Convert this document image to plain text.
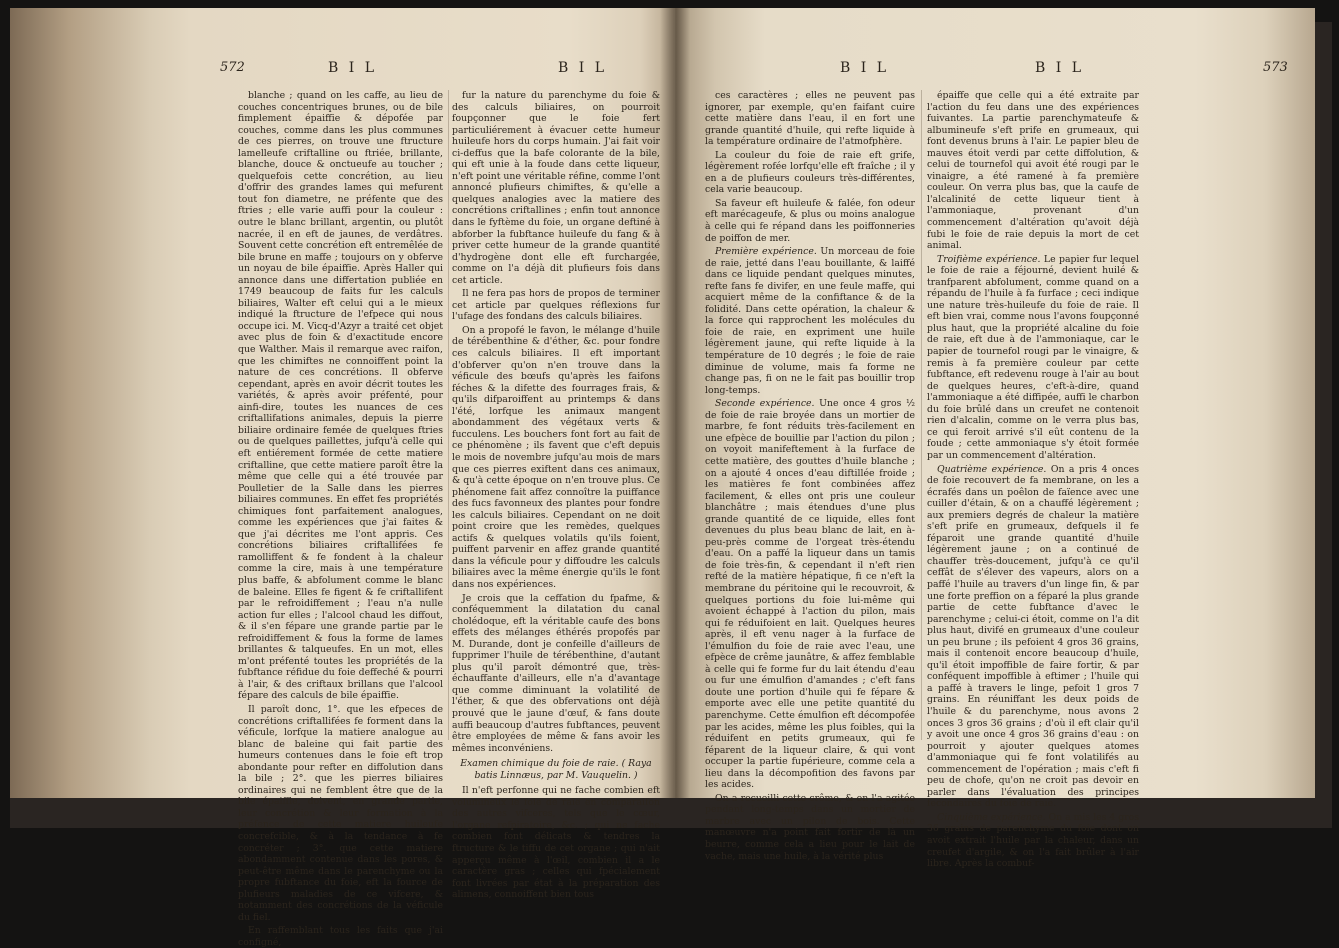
572	B I L	B I L

blanche ; quand on les caffe, au lieu de couches concentriques brunes, ou de bile fimplement épaiffie & dépofée par couches, comme dans les plus communes de ces pierres, on trouve une ftructure lamelleufe criftalline ou ftriée, brillante, blanche, douce & onctueufe au toucher ; quelquefois cette concrétion, au lieu d'offrir des grandes lames qui mefurent tout fon diametre, ne préfente que des ftries ; elle varie auffi pour la couleur : outre le blanc brillant, argentin, ou plutôt nacrée, il en eft de jaunes, de verdâtres. Souvent cette concrétion eft entremêlée de bile brune en maffe ; toujours on y obferve un noyau de bile épaiffie. Après Haller qui annonce dans une differtation publiée en 1749 beaucoup de faits fur les calculs biliaires, Walter eft celui qui a le mieux indiqué la ftructure de l'efpece qui nous occupe ici. M. Vicq-d'Azyr a traité cet objet avec plus de foin & d'exactitude encore que Walther. Mais il remarque avec raifon, que les chimiftes ne connoiffent point la nature de ces concrétions. Il obferve cependant, après en avoir décrit toutes les variétés, & après avoir préfenté, pour ainfi-dire, toutes les nuances de ces criftallifations animales, depuis la pierre biliaire ordinaire femée de quelques ftries ou de quelques paillettes, jufqu'à celle qui eft entiérement formée de cette matiere criftalline, que cette matiere paroît être la même que celle qui a été trouvée par Poulletier de la Salle dans les pierres biliaires communes. En effet fes propriétés chimiques font parfaitement analogues, comme les expériences que j'ai faites & que j'ai décrites me l'ont appris. Ces concrétions biliaires criftallifées fe ramolliffent & fe fondent à la chaleur comme la cire, mais à une température plus baffe, & abfolument comme le blanc de baleine. Elles fe figent & fe criftallifent par le refroidiffement ; l'eau n'a nulle action fur elles ; l'alcool chaud les diffout, & il s'en fépare une grande partie par le refroidiffement & fous la forme de lames brillantes & talqueufes. En un mot, elles m'ont préfenté toutes les propriétés de la fubftance réfidue du foie deffeché & pourri à l'air, & des criftaux brillans que l'alcool fépare des calculs de bile épaiffie.

Il paroît donc, 1°. que les efpeces de concrétions criftallifées fe forment dans la véficule, lorfque la matiere analogue au blanc de baleine qui fait partie des humeurs contenues dans le foie eft trop abondante pour refter en diffolution dans la bile ; 2°. que les pierres biliaires ordinaires qui ne femblent être que de la bile épaiffie, doivent, en grande partie, leur concrétion & leur formation à la préfence de cette matiere huileufe concrefcible, & à la tendance à fe concréter ; 3°. que cette matiere abondamment contenue dans les pores, & peut-être même dans le parenchyme ou la propre fubftance du foie, eft la fource de plufieurs maladies de ce vifcere, & notamment des concrétions de la véficule du fiel.

En raffemblant tous les faits que j'ai configné,

fur la nature du parenchyme du foie & des calculs biliaires, on pourroit foupçonner que le foie fert particuliérement à évacuer cette humeur huileufe hors du corps humain. J'ai fait voir ci-deffus que la bafe colorante de la bile, qui eft unie à la foude dans cette liqueur, n'eft point une véritable réfine, comme l'ont annoncé plufieurs chimiftes, & qu'elle a quelques analogies avec la matiere des concrétions criftallines ; enfin tout annonce dans le fyftème du foie, un organe deftiné à abforber la fubftance huileufe du fang & à priver cette humeur de la grande quantité d'hydrogène dont elle eft furchargée, comme on l'a déjà dit plufieurs fois dans cet article.

Il ne fera pas hors de propos de terminer cet article par quelques réflexions fur l'ufage des fondans des calculs biliaires.

On a propofé le favon, le mélange d'huile de térébenthine & d'éther, &c. pour fondre ces calculs biliaires. Il eft important d'obferver qu'on n'en trouve dans la véficule des bœufs qu'après les faifons féches & la difette des fourrages frais, & qu'ils difparoiffent au printemps & dans l'été, lorfque les animaux mangent abondamment des végétaux verts & fucculens. Les bouchers font fort au fait de ce phénomène ; ils favent que c'eft depuis le mois de novembre jufqu'au mois de mars que ces pierres exiftent dans ces animaux, & qu'à cette époque on n'en trouve plus. Ce phénomene fait affez connoître la puiffance des fucs favonneux des plantes pour fondre les calculs biliaires. Cependant on ne doit point croire que les remèdes, quelques actifs & quelques volatils qu'ils foient, puiffent parvenir en affez grande quantité dans la véficule pour y diffoudre les calculs biliaires avec la même énergie qu'ils le font dans nos expériences.

Je crois que la ceffation du fpafme, & conféquemment la dilatation du canal cholédoque, eft la véritable caufe des bons effets des mélanges éthérés propofés par M. Durande, dont je confeille d'ailleurs de fupprimer l'huile de térébenthine, d'autant plus qu'il paroît démontré que, très-échauffante d'ailleurs, elle n'a d'avantage que comme diminuant la volatilité de l'éther, & que des obfervations ont déjà prouvé que le jaune d'œuf, & fans doute auffi beaucoup d'autres fubftances, peuvent être employées de même & fans avoir les mêmes inconvéniens.

Examen chimique du foie de raie. ( Raya batis Linnæus, par M. Vauquelin. )

Il n'eft perfonne qui ne fache combien eft volumineux le foie de raie en comparaifon des autres vifceres, tels que le cœur, l'organe refpiratoire, &c. ; qui ne fache combien font délicats & tendres la ftructure & le tiffu de cet organe ; qui n'ait apperçu même à l'œil, combien il a le caractère gras ; celles qui fpécialement font livrées par état à la préparation des alimens, connoiffent bien tous

B I L	B I L	573

ces caractères ; elles ne peuvent pas ignorer, par exemple, qu'en faifant cuire cette matière dans l'eau, il en fort une grande quantité d'huile, qui refte liquide à la température ordinaire de l'atmofphère.

La couleur du foie de raie eft grife, légèrement rofée lorfqu'elle eft fraîche ; il y en a de plufieurs couleurs très-différentes, cela varie beaucoup.

Sa faveur eft huileufe & falée, fon odeur eft marécageufe, & plus ou moins analogue à celle qui fe répand dans les poiffonneries de poiffon de mer.

Première expérience. Un morceau de foie de raie, jetté dans l'eau bouillante, & laiffé dans ce liquide pendant quelques minutes, refte fans fe divifer, en une feule maffe, qui acquiert même de la confiftance & de la folidité. Dans cette opération, la chaleur & la force qui rapprochent les molécules du foie de raie, en expriment une huile légèrement jaune, qui refte liquide à la température de 10 degrés ; le foie de raie diminue de volume, mais fa forme ne change pas, fi on ne le fait pas bouillir trop long-temps.

Seconde expérience. Une once 4 gros ½ de foie de raie broyée dans un mortier de marbre, fe font réduits très-facilement en une efpèce de bouillie par l'action du pilon ; on voyoit manifeftement à la furface de cette matière, des gouttes d'huile blanche ; on a ajouté 4 onces d'eau diftillée froide ; les matières fe font combinées affez facilement, & elles ont pris une couleur blanchâtre ; mais étendues d'une plus grande quantité de ce liquide, elles font devenues du plus beau blanc de lait, en à-peu-près comme de l'orgeat très-étendu d'eau. On a paffé la liqueur dans un tamis de foie très-fin, & cependant il n'eft rien refté de la matière hépatique, fi ce n'eft la membrane du péritoine qui le recouvroit, & quelques portions du foie lui-même qui avoient échappé à l'action du pilon, mais qui fe réduifoient en lait. Quelques heures après, il eft venu nager à la furface de l'émulfion du foie de raie avec l'eau, une efpèce de crême jaunâtre, & affez femblable à celle qui fe forme fur du lait étendu d'eau ou fur une émulfion d'amandes ; c'eft fans doute une portion d'huile qui fe fépare & emporte avec elle une petite quantité du parenchyme. Cette émulfion eft décompofée par les acides, même les plus foibles, qui la réduifent en petits grumeaux, qui fe féparent de la liqueur claire, & qui vont occuper la partie fupérieure, comme cela a lieu dans la décompofition des favons par les acides.

On a recueilli cette crême, & on l'a agitée pendant long-temps dans un mortier de marbre avec un pilon de bois. Cette manœuvre n'a point fait fortir de là un beurre, comme cela a lieu pour le lait de vache, mais une huile, à la vérité plus

épaiffe que celle qui a été extraite par l'action du feu dans une des expériences fuivantes. La partie parenchymateufe & albumineufe s'eft prife en grumeaux, qui font devenus bruns à l'air. Le papier bleu de mauves étoit verdi par cette diffolution, & celui de tournefol qui avoit été rougi par le vinaigre, a été ramené à fa première couleur. On verra plus bas, que la caufe de l'alcalinité de cette liqueur tient à l'ammoniaque, provenant d'un commencement d'altération qu'avoit déjà fubi le foie de raie depuis la mort de cet animal.

Troifième expérience. Le papier fur lequel le foie de raie a féjourné, devient huilé & tranfparent abfolument, comme quand on a répandu de l'huile à fa furface ; ceci indique une nature très-huileufe du foie de raie. Il eft bien vrai, comme nous l'avons foupçonné plus haut, que la propriété alcaline du foie de raie, eft due à de l'ammoniaque, car le papier de tournefol rougi par le vinaigre, & remis à fa première couleur par cette fubftance, eft redevenu rouge à l'air au bout de quelques heures, c'eft-à-dire, quand l'ammoniaque a été diffipée, auffi le charbon du foie brûlé dans un creufet ne contenoit rien d'alcalin, comme on le verra plus bas, ce qui feroit arrivé s'il eût contenu de la foude ; cette ammoniaque s'y étoit formée par un commencement d'altération.

Quatrième expérience. On a pris 4 onces de foie recouvert de fa membrane, on les a écrafés dans un poêlon de faïence avec une cuiller d'étain, & on a chauffé légèrement ; aux premiers degrés de chaleur la matière s'eft prife en grumeaux, defquels il fe féparoit une grande quantité d'huile légèrement jaune ; on a continué de chauffer très-doucement, jufqu'à ce qu'il ceffât de s'élever des vapeurs, alors on a paffé l'huile au travers d'un linge fin, & par une forte preffion on a féparé la plus grande partie de cette fubftance d'avec le parenchyme ; celui-ci étoit, comme on l'a dit plus haut, divifé en grumeaux d'une couleur un peu brune ; ils pefoient 4 gros 36 grains, mais il contenoit encore beaucoup d'huile, qu'il étoit impoffible de faire fortir, & par conféquent impoffible à eftimer ; l'huile qui a paffé à travers le linge, pefoit 1 gros 7 grains. En réuniffant les deux poids de l'huile & du parenchyme, nous avons 2 onces 3 gros 36 grains ; d'où il eft clair qu'il y avoit une once 4 gros 36 grains d'eau : on pourroit y ajouter quelques atomes d'ammoniaque qui fe font volatilifés au commencement de l'opération ; mais c'eft fi peu de chofe, qu'on ne croit pas devoir en parler dans l'évaluation des principes fecondaires du foie de raie.

Cinquième expérience. On a mis les 4 gros 36 grains de parenchyme du foie dont on avoit extrait l'huile par la chaleur, dans un creufet d'argile, & on l'a fait brûler à l'air libre. Après la combuf-
